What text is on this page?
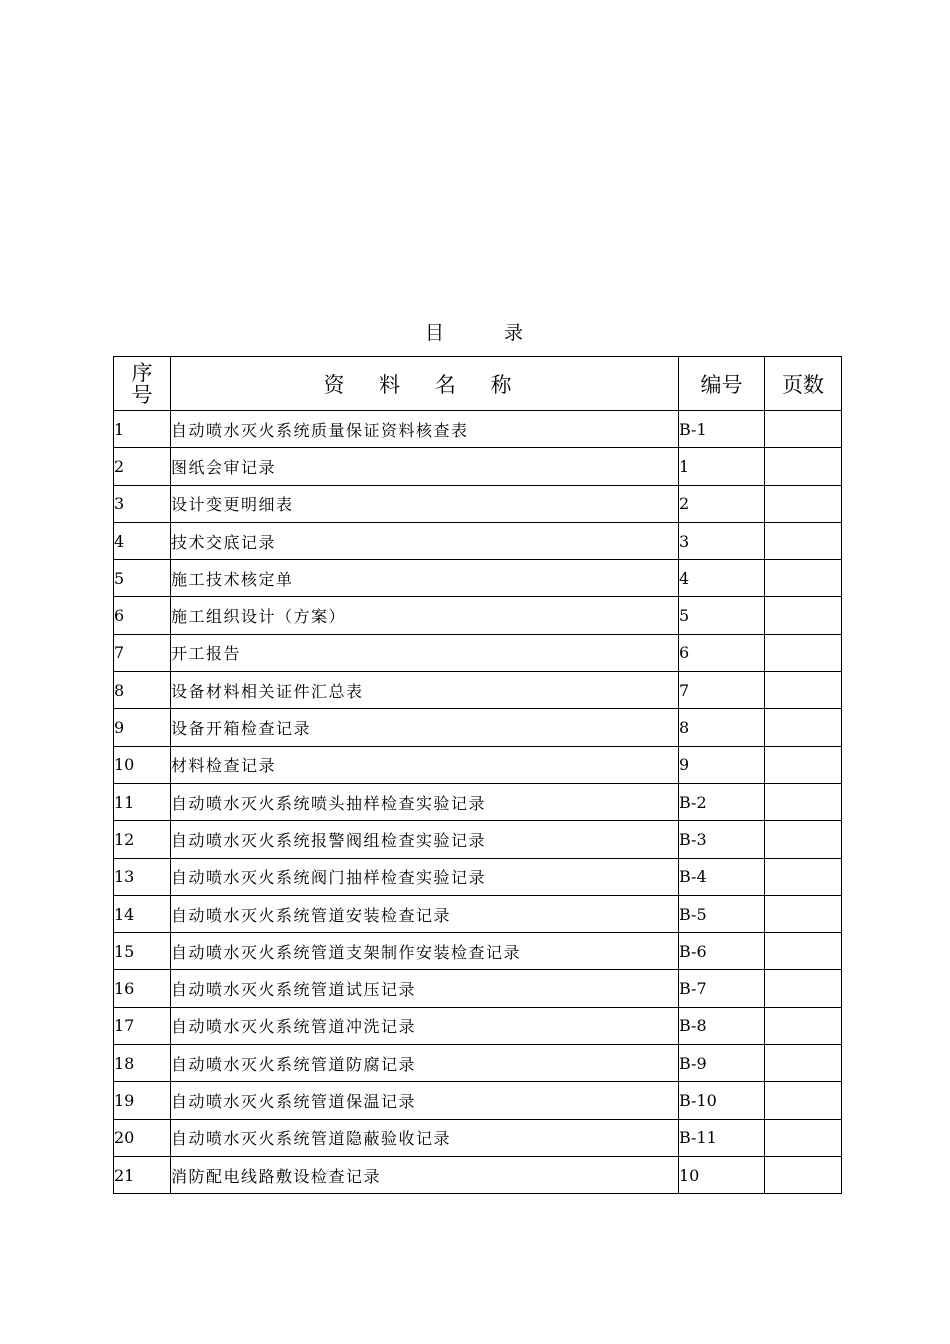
目	录
序
号	资 料 名 称	编号	页数
1	自动喷水灭火系统质量保证资料核查表	B-1	
2	图纸会审记录	1	
3	设计变更明细表	2	
4	技术交底记录	3	
5	施工技术核定单	4	
6	施工组织设计（方案）	5	
7	开工报告	6	
8	设备材料相关证件汇总表	7	
9	设备开箱检查记录	8	
10	材料检查记录	9	
11	自动喷水灭火系统喷头抽样检查实验记录	B-2	
12	自动喷水灭火系统报警阀组检查实验记录	B-3	
13	自动喷水灭火系统阀门抽样检查实验记录	B-4	
14	自动喷水灭火系统管道安装检查记录	B-5	
15	自动喷水灭火系统管道支架制作安装检查记录	B-6	
16	自动喷水灭火系统管道试压记录	B-7	
17	自动喷水灭火系统管道冲洗记录	B-8	
18	自动喷水灭火系统管道防腐记录	B-9	
19	自动喷水灭火系统管道保温记录	B-10	
20	自动喷水灭火系统管道隐蔽验收记录	B-11	
21	消防配电线路敷设检查记录	10	
